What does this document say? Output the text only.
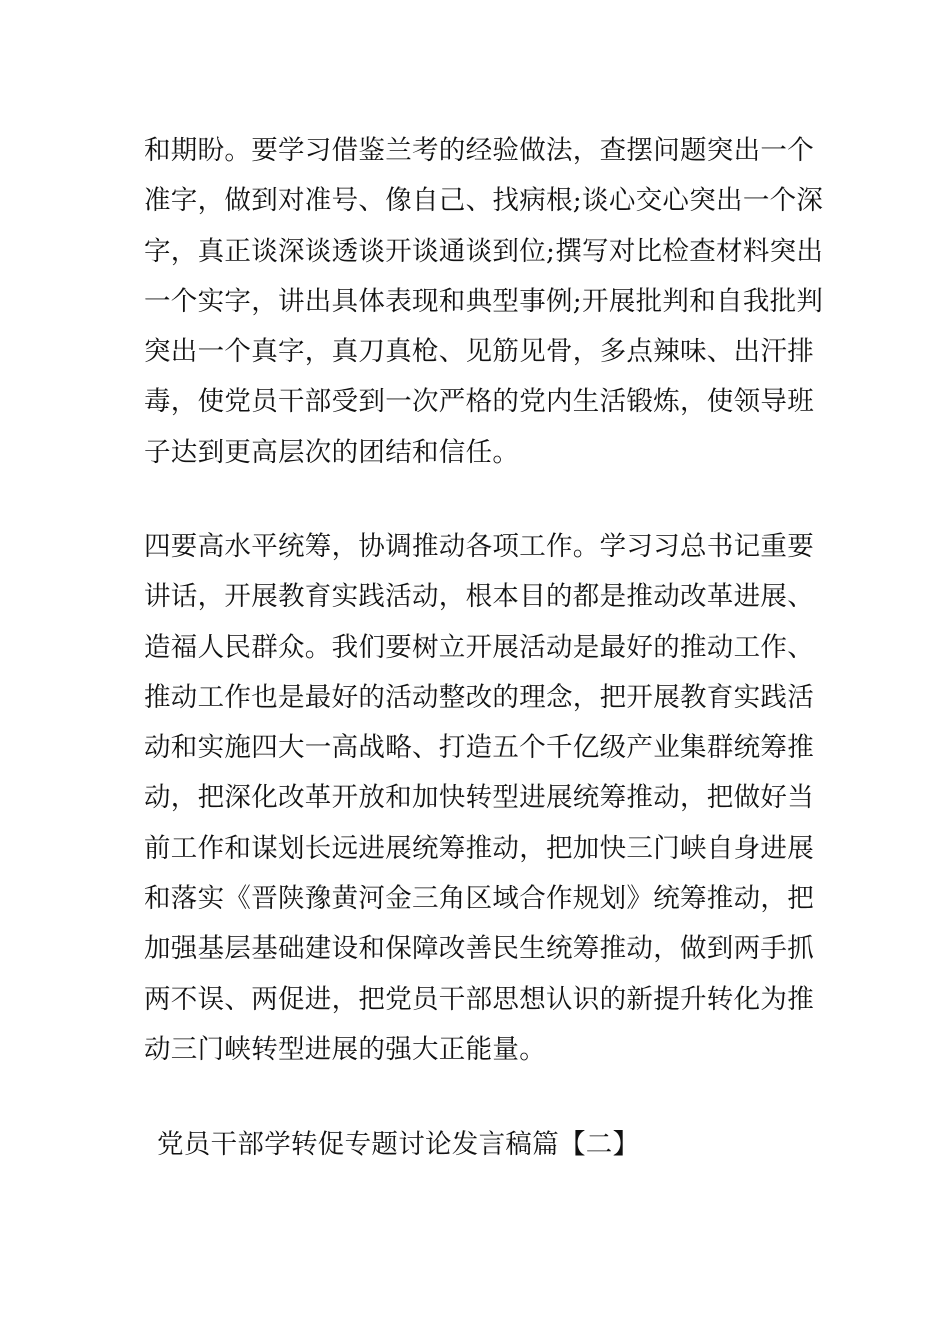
和期盼。要学习借鉴兰考的经验做法，查摆问题突出一个
准字，做到对准号、像自己、找病根;谈心交心突出一个深
字，真正谈深谈透谈开谈通谈到位;撰写对比检查材料突出
一个实字，讲出具体表现和典型事例;开展批判和自我批判
突出一个真字，真刀真枪、见筋见骨，多点辣味、出汗排
毒，使党员干部受到一次严格的党内生活锻炼，使领导班
子达到更高层次的团结和信任。
四要高水平统筹，协调推动各项工作。学习习总书记重要
讲话，开展教育实践活动，根本目的都是推动改革进展、
造福人民群众。我们要树立开展活动是最好的推动工作、
推动工作也是最好的活动整改的理念，把开展教育实践活
动和实施四大一高战略、打造五个千亿级产业集群统筹推
动，把深化改革开放和加快转型进展统筹推动，把做好当
前工作和谋划长远进展统筹推动，把加快三门峡自身进展
和落实《晋陕豫黄河金三角区域合作规划》统筹推动，把
加强基层基础建设和保障改善民生统筹推动，做到两手抓
两不误、两促进，把党员干部思想认识的新提升转化为推
动三门峡转型进展的强大正能量。
党员干部学转促专题讨论发言稿篇【二】
